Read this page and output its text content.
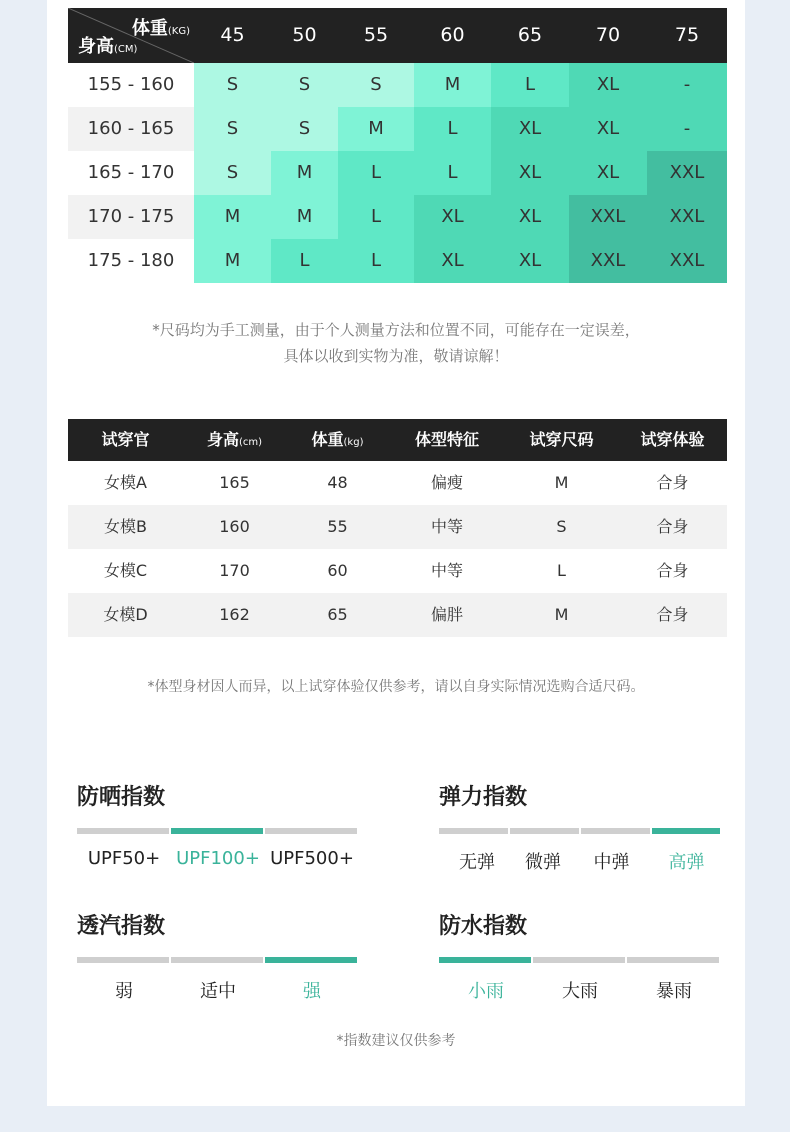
体重(KG)
身高(CM)
45	50	55	60	65	70	75
155 - 160	S	S	S	M	L	XL	-
160 - 165	S	S	M	L	XL	XL	-
165 - 170	S	M	L	L	XL	XL	XXL
170 - 175	M	M	L	XL	XL	XXL	XXL
175 - 180	M	L	L	XL	XL	XXL	XXL
*尺码均为手工测量，由于个人测量方法和位置不同，可能存在一定误差，
具体以收到实物为准，敬请谅解！
试穿官	身高(cm)	体重(kg)	体型特征	试穿尺码	试穿体验
女模A	165	48	偏瘦	M	合身
女模B	160	55	中等	S	合身
女模C	170	60	中等	L	合身
女模D	162	65	偏胖	M	合身
*体型身材因人而异，以上试穿体验仅供参考，请以自身实际情况选购合适尺码。
防晒指数
UPF50+ UPF100+ UPF500+
弹力指数
无弹	微弹	中弹	高弹
透汽指数
弱	适中	强
防水指数
小雨	大雨	暴雨
*指数建议仅供参考
